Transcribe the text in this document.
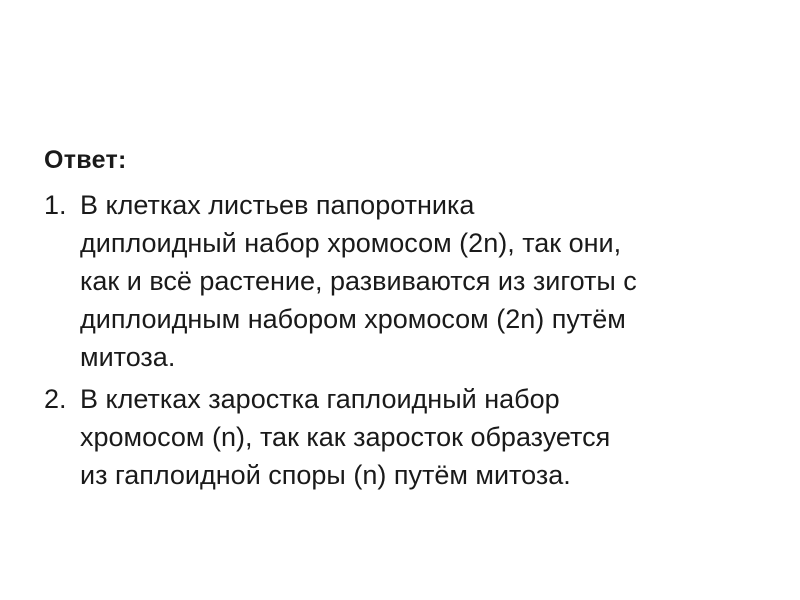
Ответ:
1. В клетках листьев папоротника
диплоидный набор хромосом (2n), так они,
как и всё растение, развиваются из зиготы с
диплоидным набором хромосом (2n) путём
митоза.
2. В клетках заростка гаплоидный набор
хромосом (n), так как заросток образуется
из гаплоидной споры (n) путём митоза.
